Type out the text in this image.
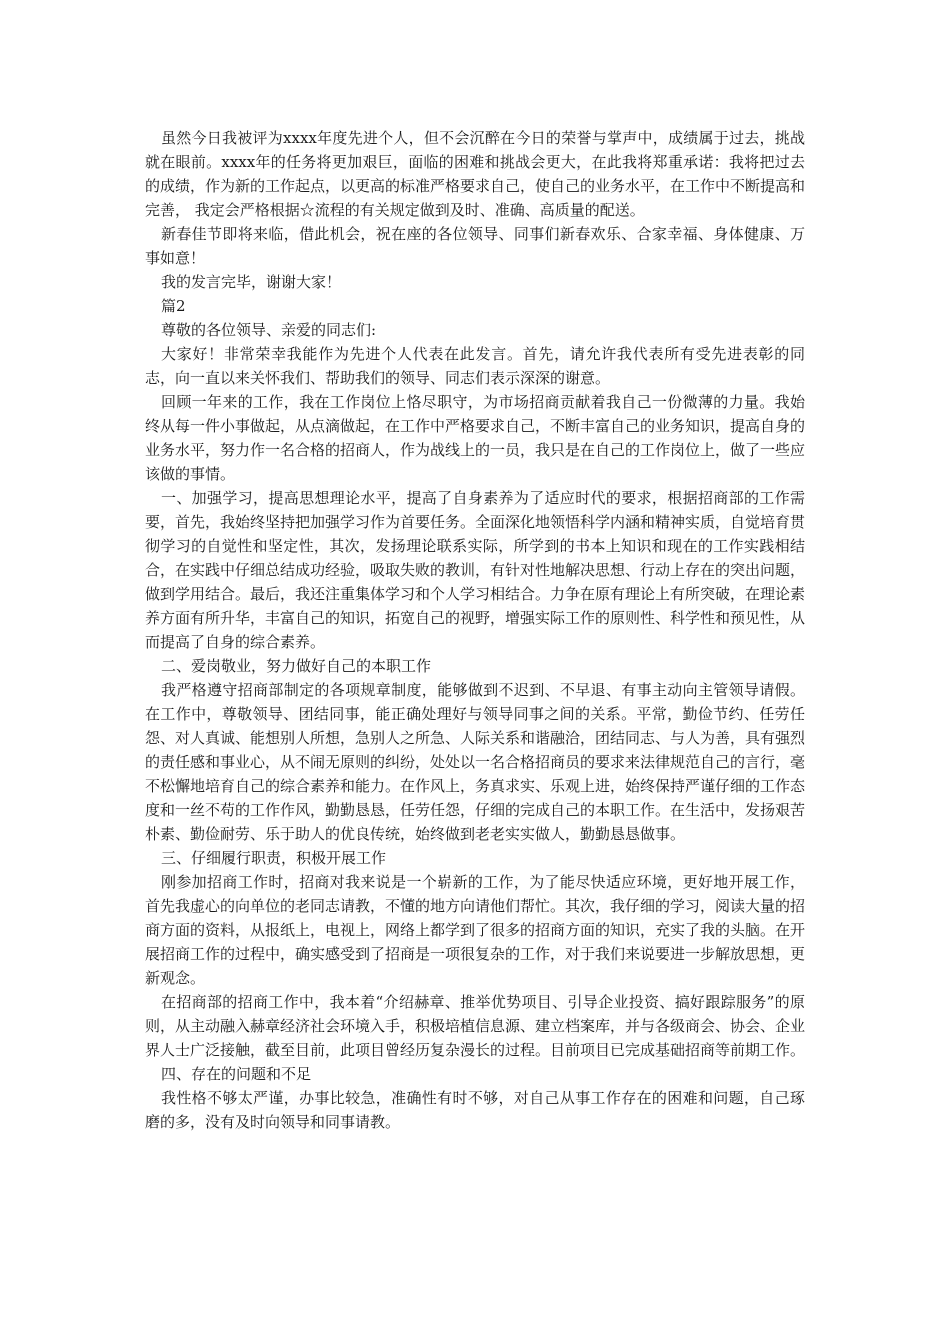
虽然今日我被评为xxxx年度先进个人，但不会沉醉在今日的荣誉与掌声中，成绩属于过去，挑战就在眼前。xxxx年的任务将更加艰巨，面临的困难和挑战会更大，在此我将郑重承诺：我将把过去的成绩，作为新的工作起点，以更高的标准严格要求自己，使自己的业务水平，在工作中不断提高和完善， 我定会严格根据☆流程的有关规定做到及时、准确、高质量的配送。

新春佳节即将来临，借此机会，祝在座的各位领导、同事们新春欢乐、合家幸福、身体健康、万事如意！

我的发言完毕，谢谢大家！

篇2

尊敬的各位领导、亲爱的同志们:

大家好！非常荣幸我能作为先进个人代表在此发言。首先，请允许我代表所有受先进表彰的同志，向一直以来关怀我们、帮助我们的领导、同志们表示深深的谢意。

回顾一年来的工作，我在工作岗位上恪尽职守，为市场招商贡献着我自己一份微薄的力量。我始终从每一件小事做起，从点滴做起，在工作中严格要求自己，不断丰富自己的业务知识，提高自身的业务水平，努力作一名合格的招商人，作为战线上的一员，我只是在自己的工作岗位上，做了一些应该做的事情。

一、加强学习，提高思想理论水平，提高了自身素养为了适应时代的要求，根据招商部的工作需要，首先，我始终坚持把加强学习作为首要任务。全面深化地领悟科学内涵和精神实质，自觉培育贯彻学习的自觉性和坚定性，其次，发扬理论联系实际，所学到的书本上知识和现在的工作实践相结合，在实践中仔细总结成功经验，吸取失败的教训，有针对性地解决思想、行动上存在的突出问题，做到学用结合。最后，我还注重集体学习和个人学习相结合。力争在原有理论上有所突破，在理论素养方面有所升华，丰富自己的知识，拓宽自己的视野，增强实际工作的原则性、科学性和预见性，从而提高了自身的综合素养。

二、爱岗敬业，努力做好自己的本职工作

我严格遵守招商部制定的各项规章制度，能够做到不迟到、不早退、有事主动向主管领导请假。在工作中，尊敬领导、团结同事，能正确处理好与领导同事之间的关系。平常，勤俭节约、任劳任怨、对人真诚、能想别人所想，急别人之所急、人际关系和谐融洽，团结同志、与人为善，具有强烈的责任感和事业心，从不闹无原则的纠纷，处处以一名合格招商员的要求来法律规范自己的言行，毫不松懈地培育自己的综合素养和能力。在作风上，务真求实、乐观上进，始终保持严谨仔细的工作态度和一丝不苟的工作作风，勤勤恳恳，任劳任怨，仔细的完成自己的本职工作。在生活中，发扬艰苦朴素、勤俭耐劳、乐于助人的优良传统，始终做到老老实实做人，勤勤恳恳做事。

三、仔细履行职责，积极开展工作

刚参加招商工作时，招商对我来说是一个崭新的工作，为了能尽快适应环境，更好地开展工作，首先我虚心的向单位的老同志请教，不懂的地方向请他们帮忙。其次，我仔细的学习，阅读大量的招商方面的资料，从报纸上，电视上，网络上都学到了很多的招商方面的知识，充实了我的头脑。在开展招商工作的过程中，确实感受到了招商是一项很复杂的工作，对于我们来说要进一步解放思想，更新观念。

在招商部的招商工作中，我本着“介绍赫章、推举优势项目、引导企业投资、搞好跟踪服务”的原则，从主动融入赫章经济社会环境入手，积极培植信息源、建立档案库，并与各级商会、协会、企业界人士广泛接触，截至目前，此项目曾经历复杂漫长的过程。目前项目已完成基础招商等前期工作。

四、存在的问题和不足

我性格不够太严谨，办事比较急，准确性有时不够，对自己从事工作存在的困难和问题，自己琢磨的多，没有及时向领导和同事请教。
